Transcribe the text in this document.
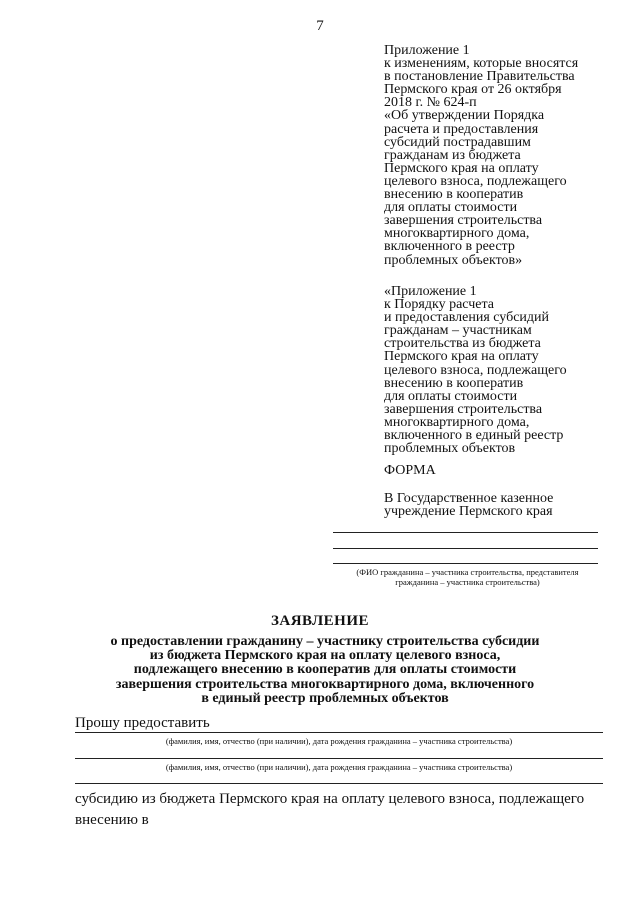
7
Приложение 1
к изменениям, которые вносятся
в постановление Правительства
Пермского края от 26 октября
2018 г. № 624-п
«Об утверждении Порядка
расчета и предоставления
субсидий пострадавшим
гражданам из бюджета
Пермского края на оплату
целевого взноса, подлежащего
внесению в кооператив
для оплаты стоимости
завершения строительства
многоквартирного дома,
включенного в реестр
проблемных объектов»
«Приложение 1
к Порядку расчета
и предоставления субсидий
гражданам – участникам
строительства из бюджета
Пермского края на оплату
целевого взноса, подлежащего
внесению в кооператив
для оплаты стоимости
завершения строительства
многоквартирного дома,
включенного в единый реестр
проблемных объектов
ФОРМА
В Государственное казенное
учреждение Пермского края
(ФИО гражданина – участника строительства, представителя
гражданина – участника строительства)
ЗАЯВЛЕНИЕ
о предоставлении гражданину – участнику строительства субсидии
из бюджета Пермского края на оплату целевого взноса,
подлежащего внесению в кооператив для оплаты стоимости
завершения строительства многоквартирного дома, включенного
в единый реестр проблемных объектов
Прошу предоставить
(фамилия, имя, отчество (при наличии), дата рождения гражданина – участника строительства)
(фамилия, имя, отчество (при наличии), дата рождения гражданина – участника строительства)
субсидию из бюджета Пермского края на оплату целевого взноса, подлежащего
внесению в
